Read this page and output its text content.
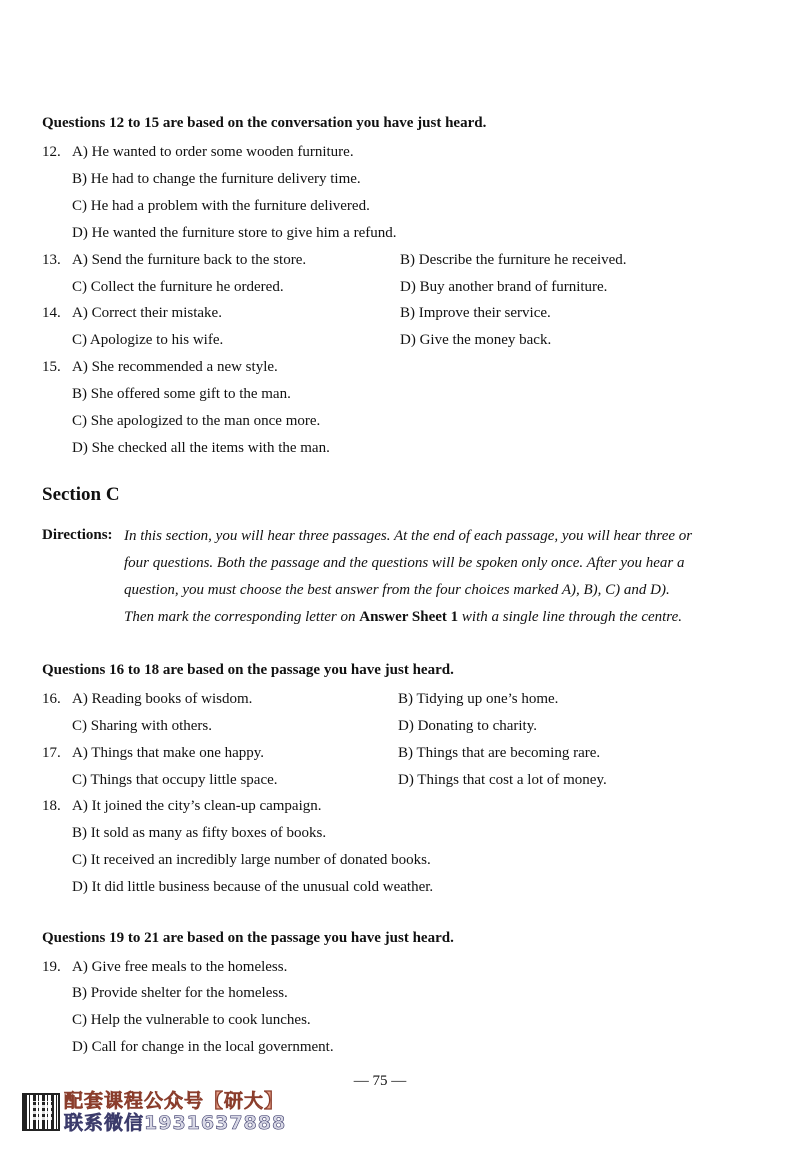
Questions 12 to 15 are based on the conversation you have just heard.
12. A) He wanted to order some wooden furniture.
B) He had to change the furniture delivery time.
C) He had a problem with the furniture delivered.
D) He wanted the furniture store to give him a refund.
13. A) Send the furniture back to the store.	B) Describe the furniture he received.
C) Collect the furniture he ordered.	D) Buy another brand of furniture.
14. A) Correct their mistake.	B) Improve their service.
C) Apologize to his wife.	D) Give the money back.
15. A) She recommended a new style.
B) She offered some gift to the man.
C) She apologized to the man once more.
D) She checked all the items with the man.
Section C
Directions: In this section, you will hear three passages. At the end of each passage, you will hear three or
four questions. Both the passage and the questions will be spoken only once. After you hear a
question, you must choose the best answer from the four choices marked A), B), C) and D).
Then mark the corresponding letter on Answer Sheet 1 with a single line through the centre.
Questions 16 to 18 are based on the passage you have just heard.
16. A) Reading books of wisdom.	B) Tidying up one’s home.
C) Sharing with others.	D) Donating to charity.
17. A) Things that make one happy.	B) Things that are becoming rare.
C) Things that occupy little space.	D) Things that cost a lot of money.
18. A) It joined the city’s clean-up campaign.
B) It sold as many as fifty boxes of books.
C) It received an incredibly large number of donated books.
D) It did little business because of the unusual cold weather.
Questions 19 to 21 are based on the passage you have just heard.
19. A) Give free meals to the homeless.
B) Provide shelter for the homeless.
C) Help the vulnerable to cook lunches.
D) Call for change in the local government.
— 75 —
配套课程公众号【研大】
联系微信1931637888
